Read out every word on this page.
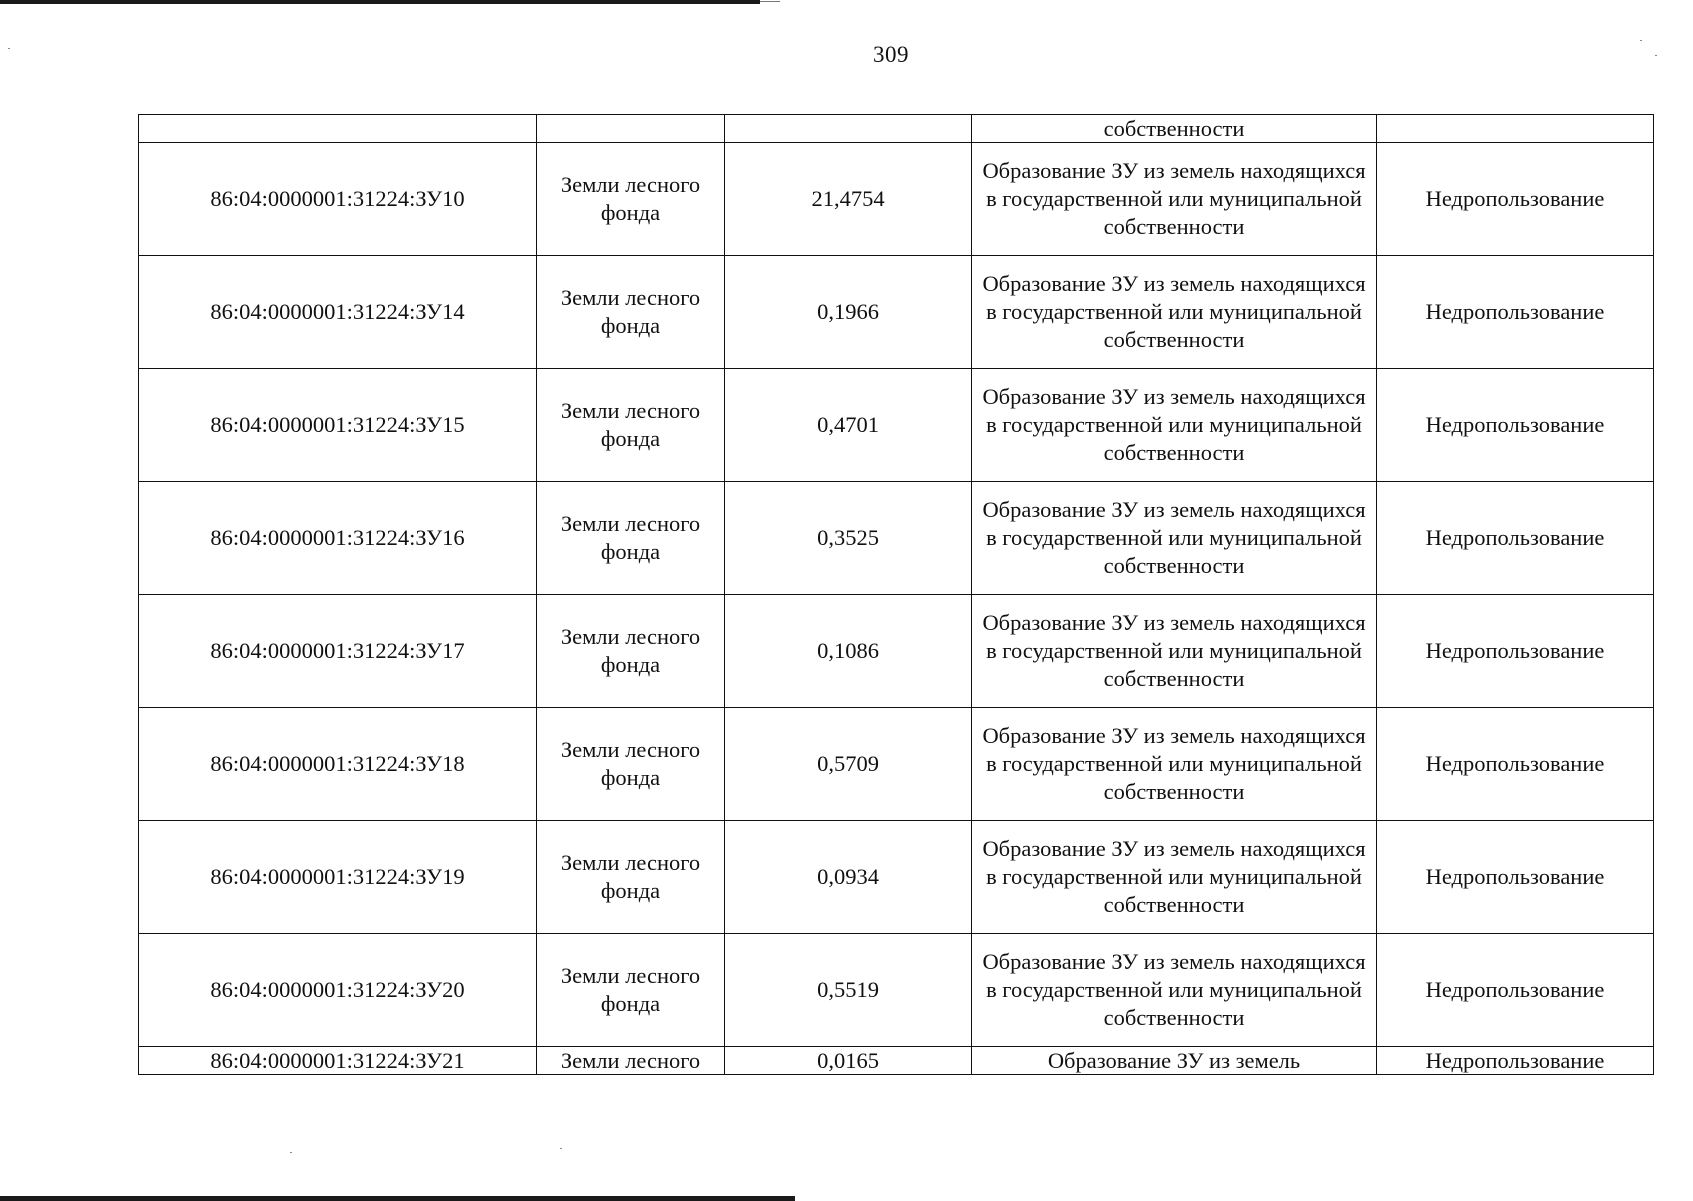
309
			собственности	
86:04:0000001:31224:ЗУ10	Земли лесного фонда	21,4754	Образование ЗУ из земель находящихся в государственной или муниципальной собственности	Недропользование
86:04:0000001:31224:ЗУ14	Земли лесного фонда	0,1966	Образование ЗУ из земель находящихся в государственной или муниципальной собственности	Недропользование
86:04:0000001:31224:ЗУ15	Земли лесного фонда	0,4701	Образование ЗУ из земель находящихся в государственной или муниципальной собственности	Недропользование
86:04:0000001:31224:ЗУ16	Земли лесного фонда	0,3525	Образование ЗУ из земель находящихся в государственной или муниципальной собственности	Недропользование
86:04:0000001:31224:ЗУ17	Земли лесного фонда	0,1086	Образование ЗУ из земель находящихся в государственной или муниципальной собственности	Недропользование
86:04:0000001:31224:ЗУ18	Земли лесного фонда	0,5709	Образование ЗУ из земель находящихся в государственной или муниципальной собственности	Недропользование
86:04:0000001:31224:ЗУ19	Земли лесного фонда	0,0934	Образование ЗУ из земель находящихся в государственной или муниципальной собственности	Недропользование
86:04:0000001:31224:ЗУ20	Земли лесного фонда	0,5519	Образование ЗУ из земель находящихся в государственной или муниципальной собственности	Недропользование
86:04:0000001:31224:ЗУ21	Земли лесного	0,0165	Образование ЗУ из земель	Недропользование
